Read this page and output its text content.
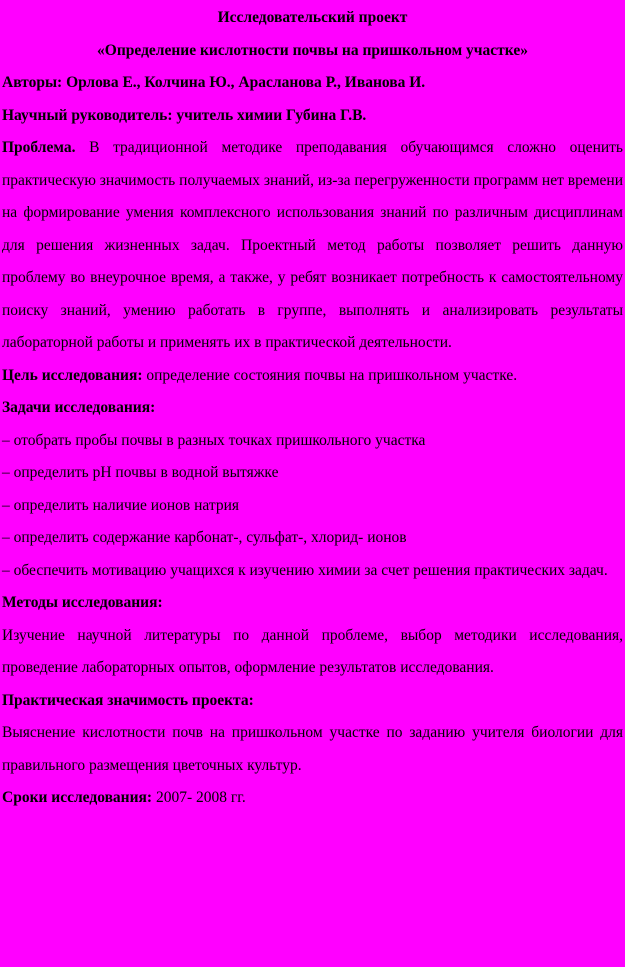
Исследовательский проект
«Определение кислотности почвы на пришкольном участке»
Авторы: Орлова Е., Колчина Ю., Арасланова Р., Иванова И.
Научный руководитель: учитель химии Губина Г.В.

Проблема. В традиционной методике преподавания обучающимся сложно оценить практическую значимость получаемых знаний, из-за перегруженности программ нет времени на формирование умения комплексного использования знаний по различным дисциплинам для решения жизненных задач. Проектный метод работы позволяет решить данную проблему во внеурочное время, а также, у ребят возникает потребность к самостоятельному поиску знаний, умению работать в группе, выполнять и анализировать результаты лабораторной работы и применять их в практической деятельности.

Цель исследования: определение состояния почвы на пришкольном участке.

Задачи исследования:
– отобрать пробы почвы в разных точках пришкольного участка
– определить pH почвы в водной вытяжке
– определить наличие ионов натрия
– определить содержание карбонат-, сульфат-, хлорид- ионов

– обеспечить мотивацию учащихся к изучению химии за счет решения практических задач.

Методы исследования:

Изучение научной литературы по данной проблеме, выбор методики исследования, проведение лабораторных опытов, оформление результатов исследования.

Практическая значимость проекта:

Выяснение кислотности почв на пришкольном участке по заданию учителя биологии для правильного размещения цветочных культур.

Сроки исследования: 2007- 2008 гг.
